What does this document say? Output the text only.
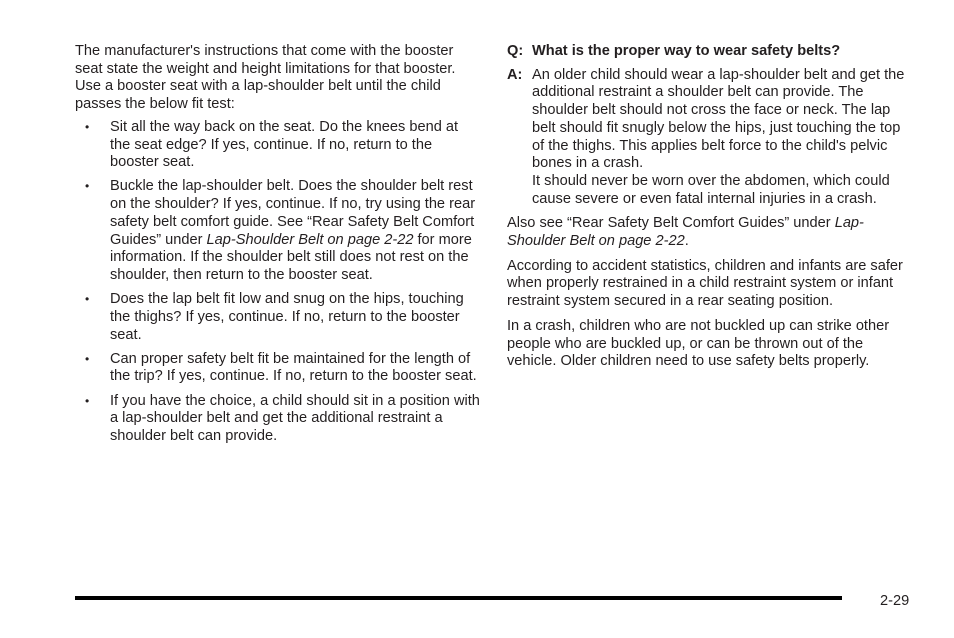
The manufacturer's instructions that come with the booster seat state the weight and height limitations for that booster. Use a booster seat with a lap-shoulder belt until the child passes the below fit test:

• Sit all the way back on the seat. Do the knees bend at the seat edge? If yes, continue. If no, return to the booster seat.
• Buckle the lap-shoulder belt. Does the shoulder belt rest on the shoulder? If yes, continue. If no, try using the rear safety belt comfort guide. See “Rear Safety Belt Comfort Guides” under Lap-Shoulder Belt on page 2-22 for more information. If the shoulder belt still does not rest on the shoulder, then return to the booster seat.
• Does the lap belt fit low and snug on the hips, touching the thighs? If yes, continue. If no, return to the booster seat.
• Can proper safety belt fit be maintained for the length of the trip? If yes, continue. If no, return to the booster seat.
• If you have the choice, a child should sit in a position with a lap-shoulder belt and get the additional restraint a shoulder belt can provide.
Q: What is the proper way to wear safety belts?
A: An older child should wear a lap-shoulder belt and get the additional restraint a shoulder belt can provide. The shoulder belt should not cross the face or neck. The lap belt should fit snugly below the hips, just touching the top of the thighs. This applies belt force to the child's pelvic bones in a crash.

It should never be worn over the abdomen, which could cause severe or even fatal internal injuries in a crash.

Also see “Rear Safety Belt Comfort Guides” under Lap-Shoulder Belt on page 2-22.

According to accident statistics, children and infants are safer when properly restrained in a child restraint system or infant restraint system secured in a rear seating position.

In a crash, children who are not buckled up can strike other people who are buckled up, or can be thrown out of the vehicle. Older children need to use safety belts properly.

2-29
